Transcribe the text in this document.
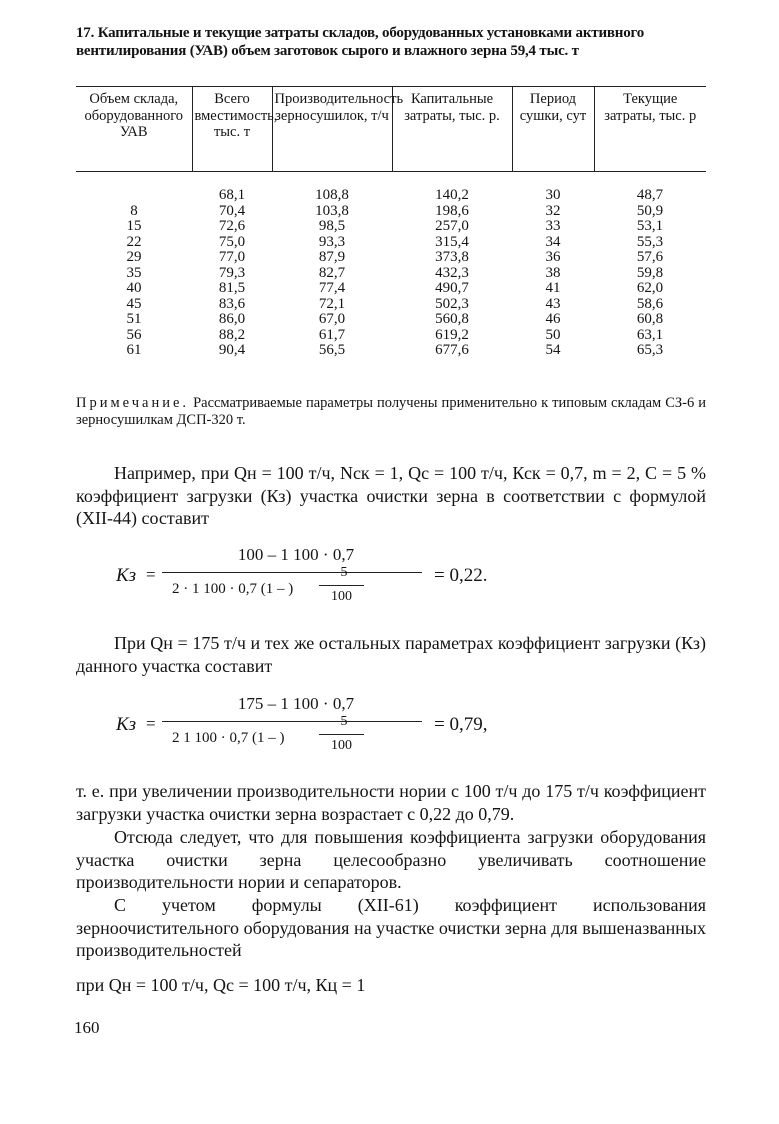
17. Капитальные и текущие затраты складов, оборудованных установками активного вентилирования (УАВ) объем заготовок сырого и влажного зерна 59,4 тыс. т
Объем склада, оборудованного УАВ	Всего вместимость, тыс. т	Производительность зерносушилок, т/ч	Капитальные затраты, тыс. р.	Период сушки, сут	Текущие затраты, тыс. р
	68,1	108,8	140,2	30	48,7
8	70,4	103,8	198,6	32	50,9
15	72,6	98,5	257,0	33	53,1
22	75,0	93,3	315,4	34	55,3
29	77,0	87,9	373,8	36	57,6
35	79,3	82,7	432,3	38	59,8
40	81,5	77,4	490,7	41	62,0
45	83,6	72,1	502,3	43	58,6
51	86,0	67,0	560,8	46	60,8
56	88,2	61,7	619,2	50	63,1
61	90,4	56,5	677,6	54	65,3
Примечание. Рассматриваемые параметры получены применительно к типовым складам СЗ-6 и зерносушилкам ДСП-320 т.
Например, при Qн = 100 т/ч, Nск = 1, Qс = 100 т/ч, Кск = 0,7, m = 2, C = 5 % коэффициент загрузки (Кз) участка очистки зерна в соответствии с формулой (XII-44) составит
Кз =
100 – 1 100 · 0,7
2 · 1 100 · 0,7 (1 – )
5
100
= 0,22.
При Qн = 175 т/ч и тех же остальных параметрах коэффициент загрузки (Кз) данного участка составит
Кз =
175 – 1 100 · 0,7
2 1 100 · 0,7 (1 – )
5
100
= 0,79,
т. е. при увеличении производительности нории с 100 т/ч до 175 т/ч коэффициент загрузки участка очистки зерна возрастает с 0,22 до 0,79.
Отсюда следует, что для повышения коэффициента загрузки оборудования участка очистки зерна целесообразно увеличивать соотношение производительности нории и сепараторов.
С учетом формулы (XII-61) коэффициент использования зерноочистительного оборудования на участке очистки зерна для вышеназванных производительностей
при Qн = 100 т/ч, Qс = 100 т/ч, Кц = 1
160
